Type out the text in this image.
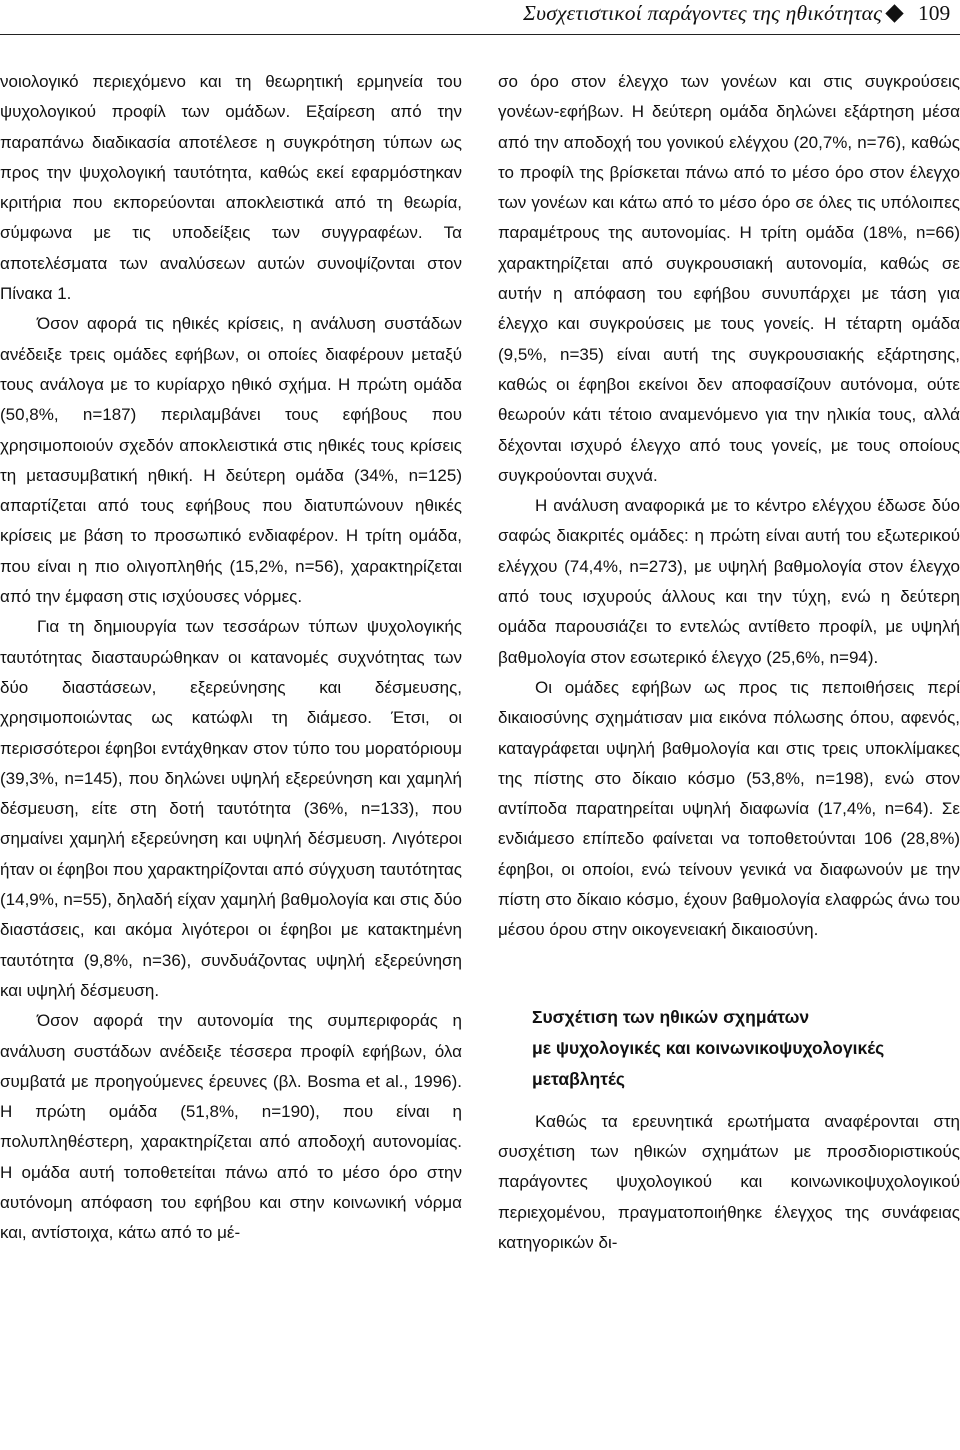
Συσχετιστικοί παράγοντες της ηθικότητας 109

νοιολογικό περιεχόμενο και τη θεωρητική ερμηνεία του ψυχολογικού προφίλ των ομάδων. Εξαίρεση από την παραπάνω διαδικασία αποτέλεσε η συγκρότηση τύπων ως προς την ψυχολογική ταυτότητα, καθώς εκεί εφαρμόστηκαν κριτήρια που εκπορεύονται αποκλειστικά από τη θεωρία, σύμφωνα με τις υποδείξεις των συγγραφέων. Τα αποτελέσματα των αναλύσεων αυτών συνοψίζονται στον Πίνακα 1.

Όσον αφορά τις ηθικές κρίσεις, η ανάλυση συστάδων ανέδειξε τρεις ομάδες εφήβων, οι οποίες διαφέρουν μεταξύ τους ανάλογα με το κυρίαρχο ηθικό σχήμα. Η πρώτη ομάδα (50,8%, n=187) περιλαμβάνει τους εφήβους που χρησιμοποιούν σχεδόν αποκλειστικά στις ηθικές τους κρίσεις τη μετασυμβατική ηθική. Η δεύτερη ομάδα (34%, n=125) απαρτίζεται από τους εφήβους που διατυπώνουν ηθικές κρίσεις με βάση το προσωπικό ενδιαφέρον. Η τρίτη ομάδα, που είναι η πιο ολιγοπληθής (15,2%, n=56), χαρακτηρίζεται από την έμφαση στις ισχύουσες νόρμες.

Για τη δημιουργία των τεσσάρων τύπων ψυχολογικής ταυτότητας διασταυρώθηκαν οι κατανομές συχνότητας των δύο διαστάσεων, εξερεύνησης και δέσμευσης, χρησιμοποιώντας ως κατώφλι τη διάμεσο. Έτσι, οι περισσότεροι έφηβοι εντάχθηκαν στον τύπο του μορατόριουμ (39,3%, n=145), που δηλώνει υψηλή εξερεύνηση και χαμηλή δέσμευση, είτε στη δοτή ταυτότητα (36%, n=133), που σημαίνει χαμηλή εξερεύνηση και υψηλή δέσμευση. Λιγότεροι ήταν οι έφηβοι που χαρακτηρίζονται από σύγχυση ταυτότητας (14,9%, n=55), δηλαδή είχαν χαμηλή βαθμολογία και στις δύο διαστάσεις, και ακόμα λιγότεροι οι έφηβοι με κατακτημένη ταυτότητα (9,8%, n=36), συνδυάζοντας υψηλή εξερεύνηση και υψηλή δέσμευση.

Όσον αφορά την αυτονομία της συμπεριφοράς η ανάλυση συστάδων ανέδειξε τέσσερα προφίλ εφήβων, όλα συμβατά με προηγούμενες έρευνες (βλ. Bosma et al., 1996). Η πρώτη ομάδα (51,8%, n=190), που είναι η πολυπληθέστερη, χαρακτηρίζεται από αποδοχή αυτονομίας. Η ομάδα αυτή τοποθετείται πάνω από το μέσο όρο στην αυτόνομη απόφαση του εφήβου και στην κοινωνική νόρμα και, αντίστοιχα, κάτω από το μέ-

σο όρο στον έλεγχο των γονέων και στις συγκρούσεις γονέων-εφήβων. Η δεύτερη ομάδα δηλώνει εξάρτηση μέσα από την αποδοχή του γονικού ελέγχου (20,7%, n=76), καθώς το προφίλ της βρίσκεται πάνω από το μέσο όρο στον έλεγχο των γονέων και κάτω από το μέσο όρο σε όλες τις υπόλοιπες παραμέτρους της αυτονομίας. Η τρίτη ομάδα (18%, n=66) χαρακτηρίζεται από συγκρουσιακή αυτονομία, καθώς σε αυτήν η απόφαση του εφήβου συνυπάρχει με τάση για έλεγχο και συγκρούσεις με τους γονείς. Η τέταρτη ομάδα (9,5%, n=35) είναι αυτή της συγκρουσιακής εξάρτησης, καθώς οι έφηβοι εκείνοι δεν αποφασίζουν αυτόνομα, ούτε θεωρούν κάτι τέτοιο αναμενόμενο για την ηλικία τους, αλλά δέχονται ισχυρό έλεγχο από τους γονείς, με τους οποίους συγκρούονται συχνά.

Η ανάλυση αναφορικά με το κέντρο ελέγχου έδωσε δύο σαφώς διακριτές ομάδες: η πρώτη είναι αυτή του εξωτερικού ελέγχου (74,4%, n=273), με υψηλή βαθμολογία στον έλεγχο από τους ισχυρούς άλλους και την τύχη, ενώ η δεύτερη ομάδα παρουσιάζει το εντελώς αντίθετο προφίλ, με υψηλή βαθμολογία στον εσωτερικό έλεγχο (25,6%, n=94).

Οι ομάδες εφήβων ως προς τις πεποιθήσεις περί δικαιοσύνης σχημάτισαν μια εικόνα πόλωσης όπου, αφενός, καταγράφεται υψηλή βαθμολογία και στις τρεις υποκλίμακες της πίστης στο δίκαιο κόσμο (53,8%, n=198), ενώ στον αντίποδα παρατηρείται υψηλή διαφωνία (17,4%, n=64). Σε ενδιάμεσο επίπεδο φαίνεται να τοποθετούνται 106 (28,8%) έφηβοι, οι οποίοι, ενώ τείνουν γενικά να διαφωνούν με την πίστη στο δίκαιο κόσμο, έχουν βαθμολογία ελαφρώς άνω του μέσου όρου στην οικογενειακή δικαιοσύνη.

Συσχέτιση των ηθικών σχημάτων
με ψυχολογικές και κοινωνικοψυχολογικές
μεταβλητές

Καθώς τα ερευνητικά ερωτήματα αναφέρονται στη συσχέτιση των ηθικών σχημάτων με προσδιοριστικούς παράγοντες ψυχολογικού και κοινωνικοψυχολογικού περιεχομένου, πραγματοποιήθηκε έλεγχος της συνάφειας κατηγορικών δι-
